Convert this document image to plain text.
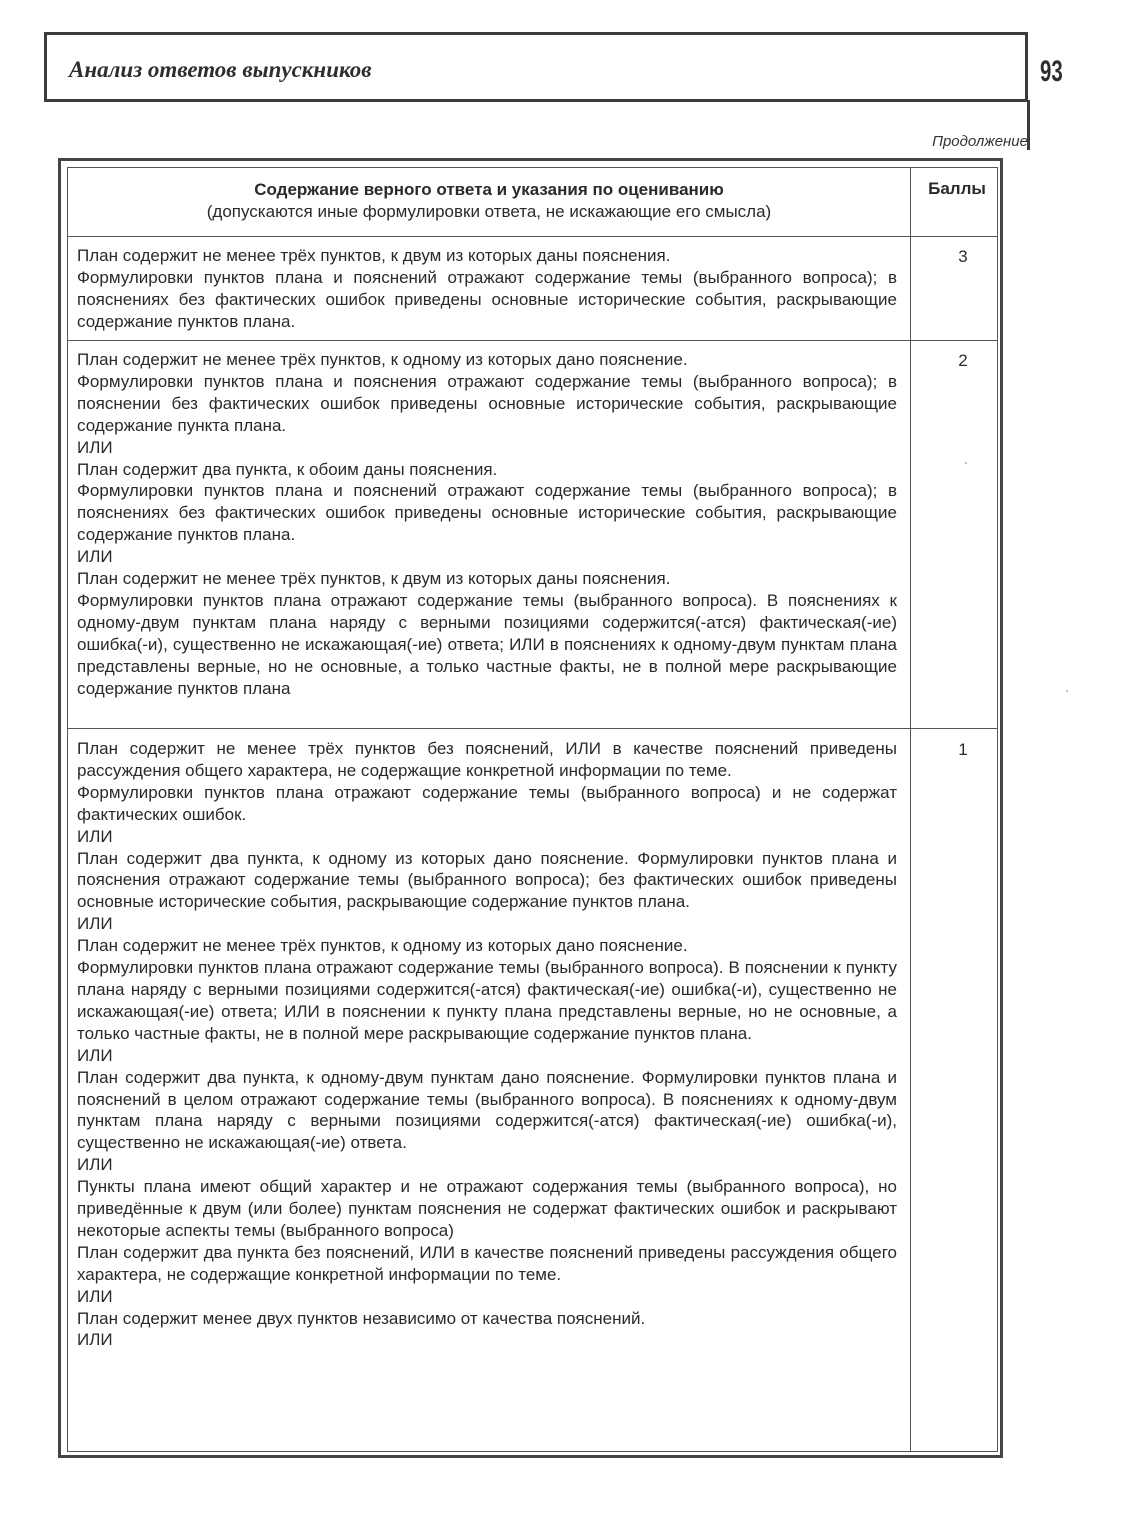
Анализ ответов выпускников	93
Продолжение
Содержание верного ответа и указания по оцениванию
(допускаются иные формулировки ответа, не искажающие его смысла)
Баллы

План содержит не менее трёх пунктов, к двум из которых даны пояснения.

Формулировки пунктов плана и пояснений отражают содержание темы (выбранного вопроса); в пояснениях без фактических ошибок приведены основные исторические события, раскрывающие содержание пунктов плана.

3

План содержит не менее трёх пунктов, к одному из которых дано пояснение.

Формулировки пунктов плана и пояснения отражают содержание темы (выбранного вопроса); в пояснении без фактических ошибок приведены основные исторические события, раскрывающие содержание пункта плана.

ИЛИ

План содержит два пункта, к обоим даны пояснения.

Формулировки пунктов плана и пояснений отражают содержание темы (выбранного вопроса); в пояснениях без фактических ошибок приведены основные исторические события, раскрывающие содержание пунктов плана.

ИЛИ

План содержит не менее трёх пунктов, к двум из которых даны пояснения.

Формулировки пунктов плана отражают содержание темы (выбранного вопроса). В пояснениях к одному-двум пунктам плана наряду с верными позициями содержится(-атся) фактическая(-ие) ошибка(-и), существенно не искажающая(-ие) ответа; ИЛИ в пояснениях к одному-двум пунктам плана представлены верные, но не основные, а только частные факты, не в полной мере раскрывающие содержание пунктов плана

2

План содержит не менее трёх пунктов без пояснений, ИЛИ в качестве пояснений приведены рассуждения общего характера, не содержащие конкретной информации по теме.

Формулировки пунктов плана отражают содержание темы (выбранного вопроса) и не содержат фактических ошибок.

ИЛИ

План содержит два пункта, к одному из которых дано пояснение. Формулировки пунктов плана и пояснения отражают содержание темы (выбранного вопроса); без фактических ошибок приведены основные исторические события, раскрывающие содержание пунктов плана.

ИЛИ

План содержит не менее трёх пунктов, к одному из которых дано пояснение.

Формулировки пунктов плана отражают содержание темы (выбранного вопроса). В пояснении к пункту плана наряду с верными позициями содержится(-атся) фактическая(-ие) ошибка(-и), существенно не искажающая(-ие) ответа; ИЛИ в пояснении к пункту плана представлены верные, но не основные, а только частные факты, не в полной мере раскрывающие содержание пунктов плана.

ИЛИ

План содержит два пункта, к одному-двум пунктам дано пояснение. Формулировки пунктов плана и пояснений в целом отражают содержание темы (выбранного вопроса). В пояснениях к одному-двум пунктам плана наряду с верными позициями содержится(-атся) фактическая(-ие) ошибка(-и), существенно не искажающая(-ие) ответа.

ИЛИ

Пункты плана имеют общий характер и не отражают содержания темы (выбранного вопроса), но приведённые к двум (или более) пунктам пояснения не содержат фактических ошибок и раскрывают некоторые аспекты темы (выбранного вопроса)

План содержит два пункта без пояснений, ИЛИ в качестве пояснений приведены рассуждения общего характера, не содержащие конкретной информации по теме.

ИЛИ

План содержит менее двух пунктов независимо от качества пояснений.

ИЛИ

1
